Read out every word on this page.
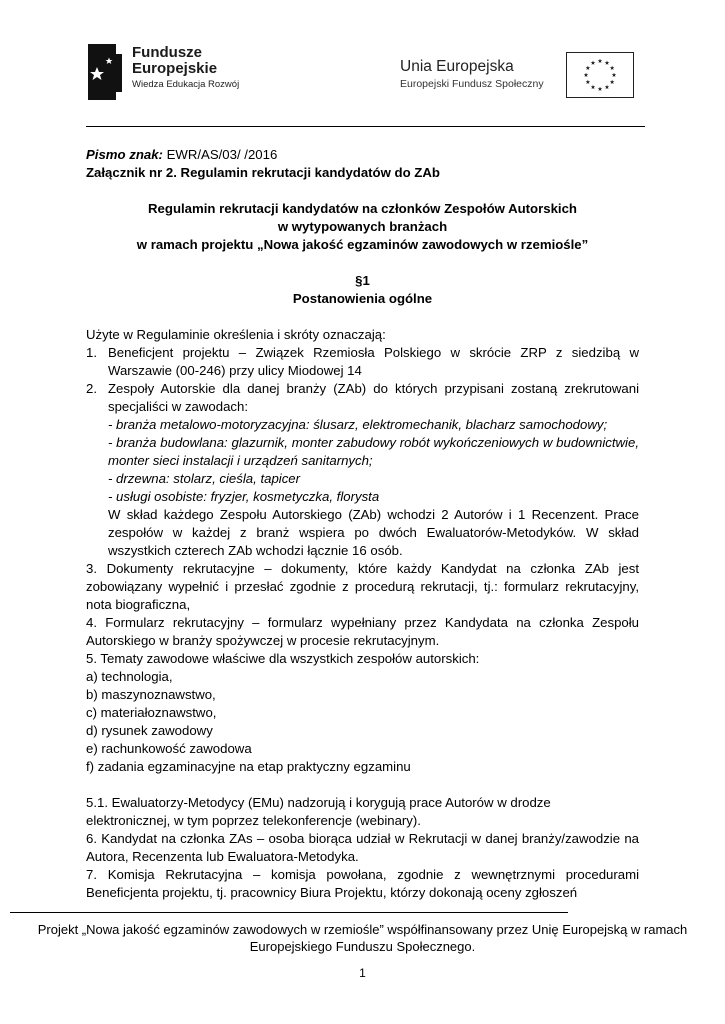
Fundusze
Europejskie
Wiedza Edukacja Rozwój
Unia Europejska
Europejski Fundusz Społeczny

Pismo znak: EWR/AS/03/ /2016

Załącznik nr 2. Regulamin rekrutacji kandydatów do ZAb

Regulamin rekrutacji kandydatów na członków Zespołów Autorskich

w wytypowanych branżach

w ramach projektu „Nowa jakość egzaminów zawodowych w rzemiośle”

§1

Postanowienia ogólne

Użyte w Regulaminie określenia i skróty oznaczają:

1. Beneficjent projektu – Związek Rzemiosła Polskiego w skrócie ZRP z siedzibą w Warszawie (00-246) przy ulicy Miodowej 14
2. Zespoły Autorskie dla danej branży (ZAb) do których przypisani zostaną zrekrutowani specjaliści w zawodach:

- branża metalowo-motoryzacyjna: ślusarz, elektromechanik, blacharz samochodowy;

- branża budowlana: glazurnik, monter zabudowy robót wykończeniowych w budownictwie, monter sieci instalacji i urządzeń sanitarnych;

- drzewna: stolarz, cieśla, tapicer

- usługi osobiste: fryzjer, kosmetyczka, florysta

W skład każdego Zespołu Autorskiego (ZAb) wchodzi 2 Autorów i 1 Recenzent. Prace zespołów w każdej z branż wspiera po dwóch Ewaluatorów-Metodyków. W skład wszystkich czterech ZAb wchodzi łącznie 16 osób.

3. Dokumenty rekrutacyjne – dokumenty, które każdy Kandydat na członka ZAb jest zobowiązany wypełnić i przesłać zgodnie z procedurą rekrutacji, tj.: formularz rekrutacyjny, nota biograficzna,

4. Formularz rekrutacyjny – formularz wypełniany przez Kandydata na członka Zespołu Autorskiego w branży spożywczej w procesie rekrutacyjnym.

5. Tematy zawodowe właściwe dla wszystkich zespołów autorskich:

a) technologia,

b) maszynoznawstwo,

c) materiałoznawstwo,

d) rysunek zawodowy

e) rachunkowość zawodowa

f) zadania egzaminacyjne na etap praktyczny egzaminu

5.1. Ewaluatorzy-Metodycy (EMu) nadzorują i korygują prace Autorów w drodze

elektronicznej, w tym poprzez telekonferencje (webinary).

6. Kandydat na członka ZAs – osoba biorąca udział w Rekrutacji w danej branży/zawodzie na Autora, Recenzenta lub Ewaluatora-Metodyka.

7. Komisja Rekrutacyjna – komisja powołana, zgodnie z wewnętrznymi procedurami Beneficjenta projektu, tj. pracownicy Biura Projektu, którzy dokonają oceny zgłoszeń

Projekt „Nowa jakość egzaminów zawodowych w rzemiośle” współfinansowany przez Unię Europejską w ramach Europejskiego Funduszu Społecznego.
1
